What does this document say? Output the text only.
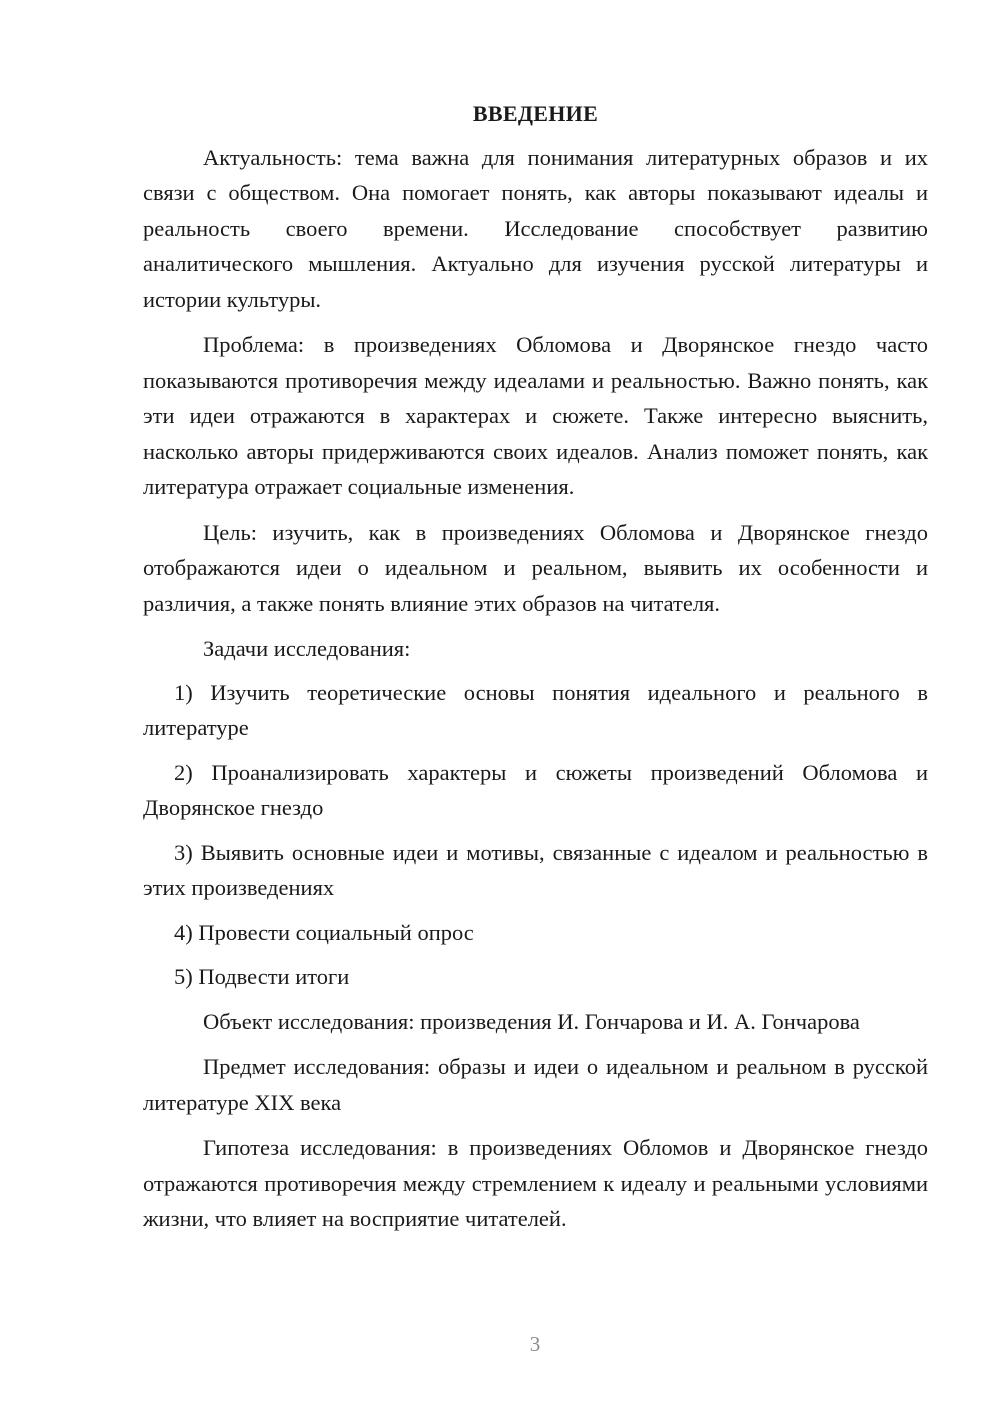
ВВЕДЕНИЕ

Актуальность: тема важна для понимания литературных образов и их связи с обществом. Она помогает понять, как авторы показывают идеалы и реальность своего времени. Исследование способствует развитию аналитического мышления. Актуально для изучения русской литературы и истории культуры.

Проблема: в произведениях Обломова и Дворянское гнездо часто показываются противоречия между идеалами и реальностью. Важно понять, как эти идеи отражаются в характерах и сюжете. Также интересно выяснить, насколько авторы придерживаются своих идеалов. Анализ поможет понять, как литература отражает социальные изменения.

Цель: изучить, как в произведениях Обломова и Дворянское гнездо отображаются идеи о идеальном и реальном, выявить их особенности и различия, а также понять влияние этих образов на читателя.

Задачи исследования:

1) Изучить теоретические основы понятия идеального и реального в литературе

2) Проанализировать характеры и сюжеты произведений Обломова и Дворянское гнездо

3) Выявить основные идеи и мотивы, связанные с идеалом и реальностью в этих произведениях

4) Провести социальный опрос

5) Подвести итоги

Объект исследования: произведения И. Гончарова и И. А. Гончарова

Предмет исследования: образы и идеи о идеальном и реальном в русской литературе XIX века

Гипотеза исследования: в произведениях Обломов и Дворянское гнездо отражаются противоречия между стремлением к идеалу и реальными условиями жизни, что влияет на восприятие читателей.

3
